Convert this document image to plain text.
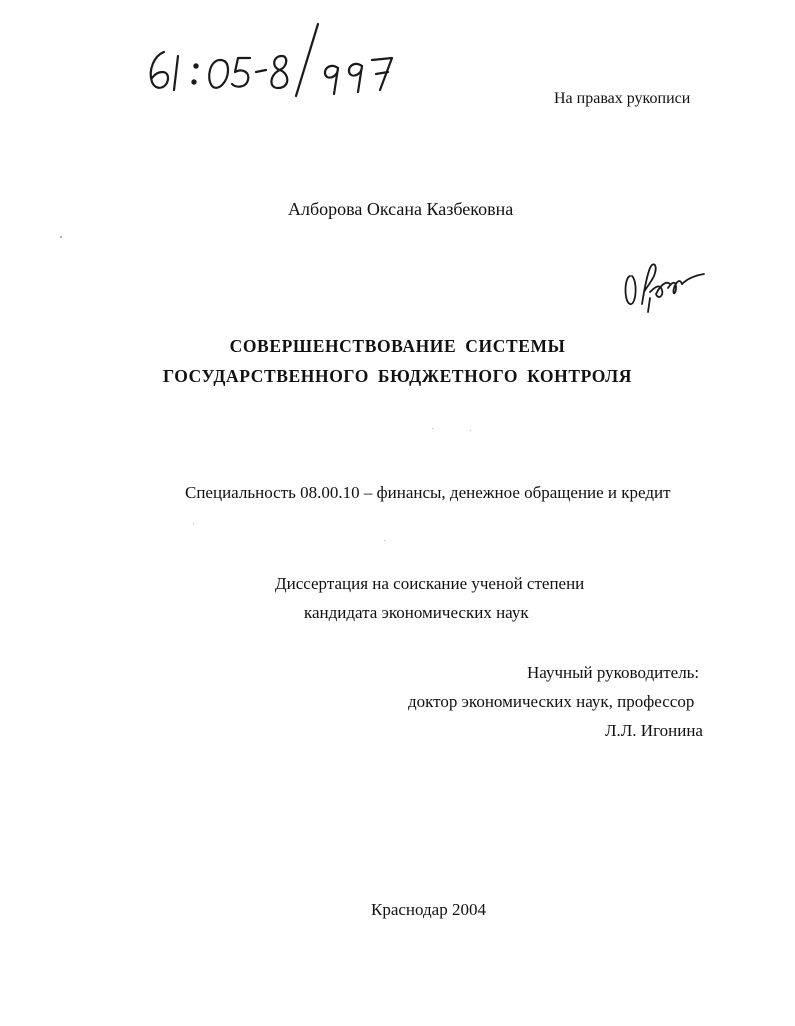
На правах рукописи
Алборова Оксана Казбековна
СОВЕРШЕНСТВОВАНИЕ СИСТЕМЫ
ГОСУДАРСТВЕННОГО БЮДЖЕТНОГО КОНТРОЛЯ
Специальность 08.00.10 – финансы, денежное обращение и кредит
Диссертация на соискание ученой степени
кандидата экономических наук
Научный руководитель:
доктор экономических наук, профессор
Л.Л. Игонина
Краснодар 2004
